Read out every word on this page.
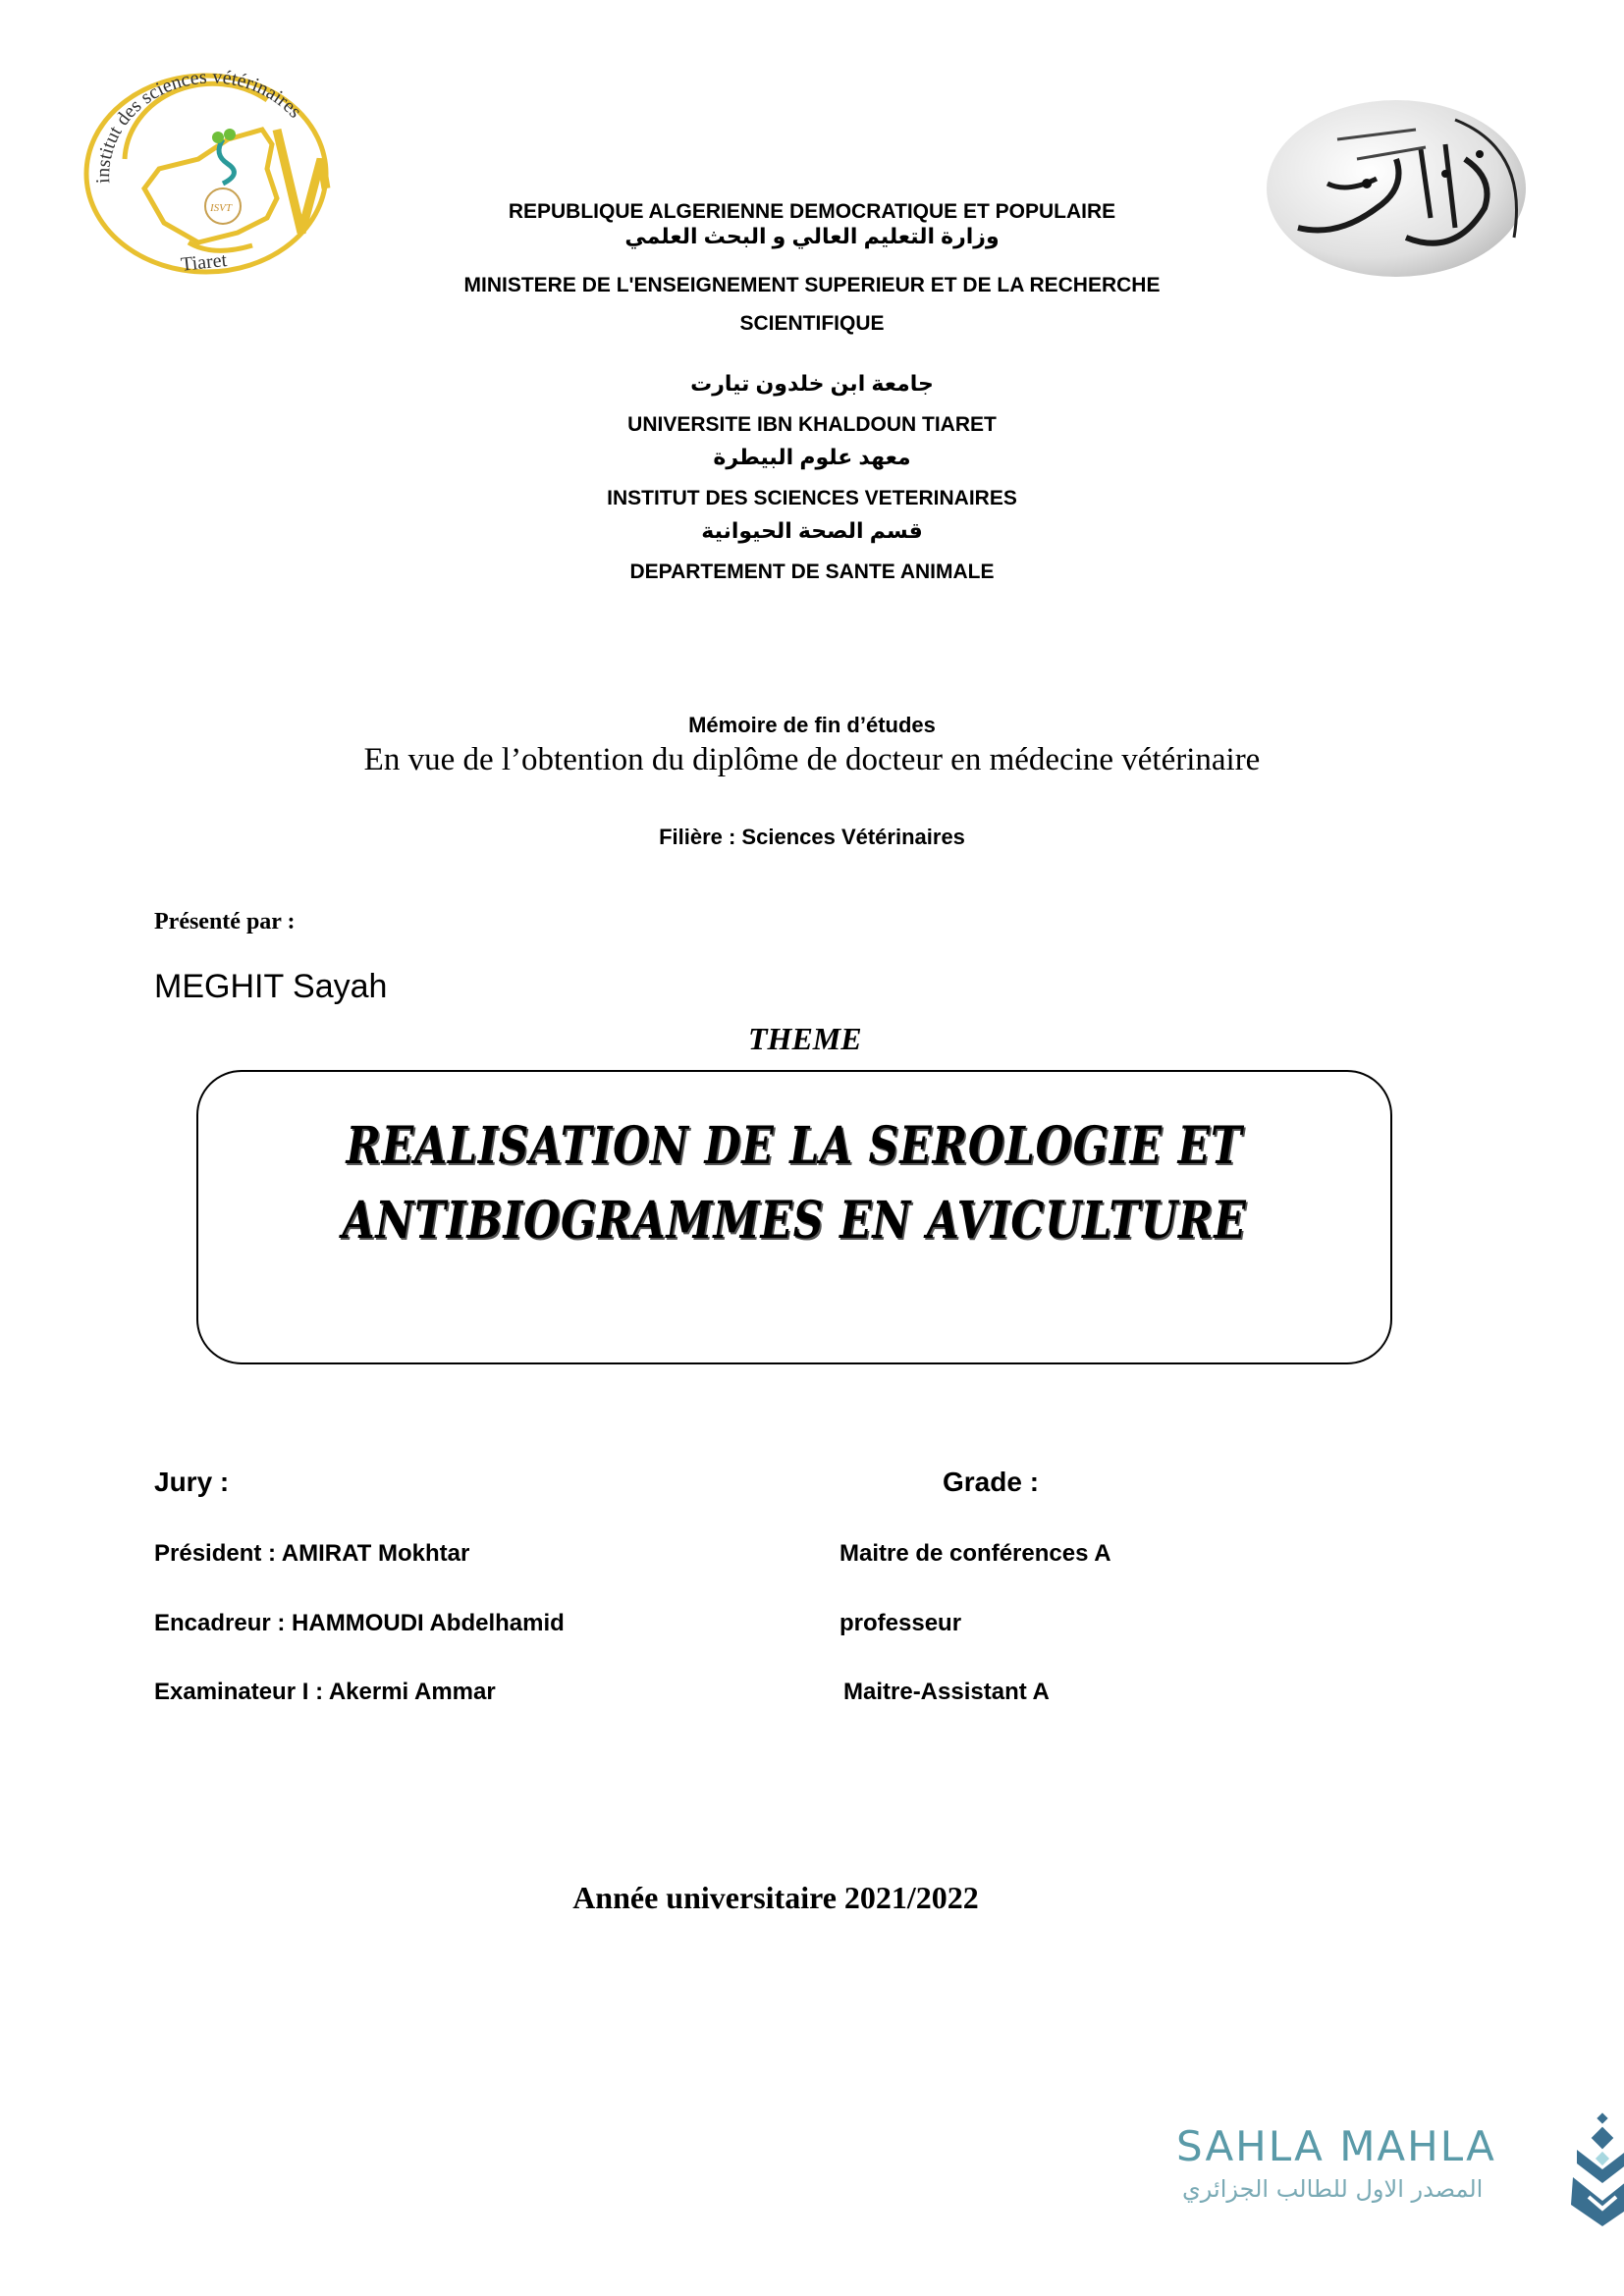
institut des sciences vétérinaires
ISVT
Tiaret
REPUBLIQUE ALGERIENNE DEMOCRATIQUE ET POPULAIRE
وزارة التعليم العالي و البحث العلمي
MINISTERE DE L'ENSEIGNEMENT SUPERIEUR ET DE LA RECHERCHE
SCIENTIFIQUE
جامعة ابن خلدون تيارت
UNIVERSITE IBN KHALDOUN TIARET
معهد علوم البيطرة
INSTITUT DES SCIENCES VETERINAIRES
قسم الصحة الحيوانية
DEPARTEMENT DE SANTE ANIMALE
Mémoire de fin d’études
En vue de l’obtention du diplôme de docteur en médecine vétérinaire
Filière : Sciences Vétérinaires
Présenté par :
MEGHIT Sayah
THEME
REALISATION DE LA SEROLOGIE ET
ANTIBIOGRAMMES EN AVICULTURE
Jury :	Grade :
Président : AMIRAT Mokhtar	Maitre de conférences A
Encadreur : HAMMOUDI Abdelhamid	professeur
Examinateur I : Akermi Ammar	Maitre-Assistant A
Année universitaire 2021/2022
SAHLA MAHLA
المصدر الاول للطالب الجزائري
